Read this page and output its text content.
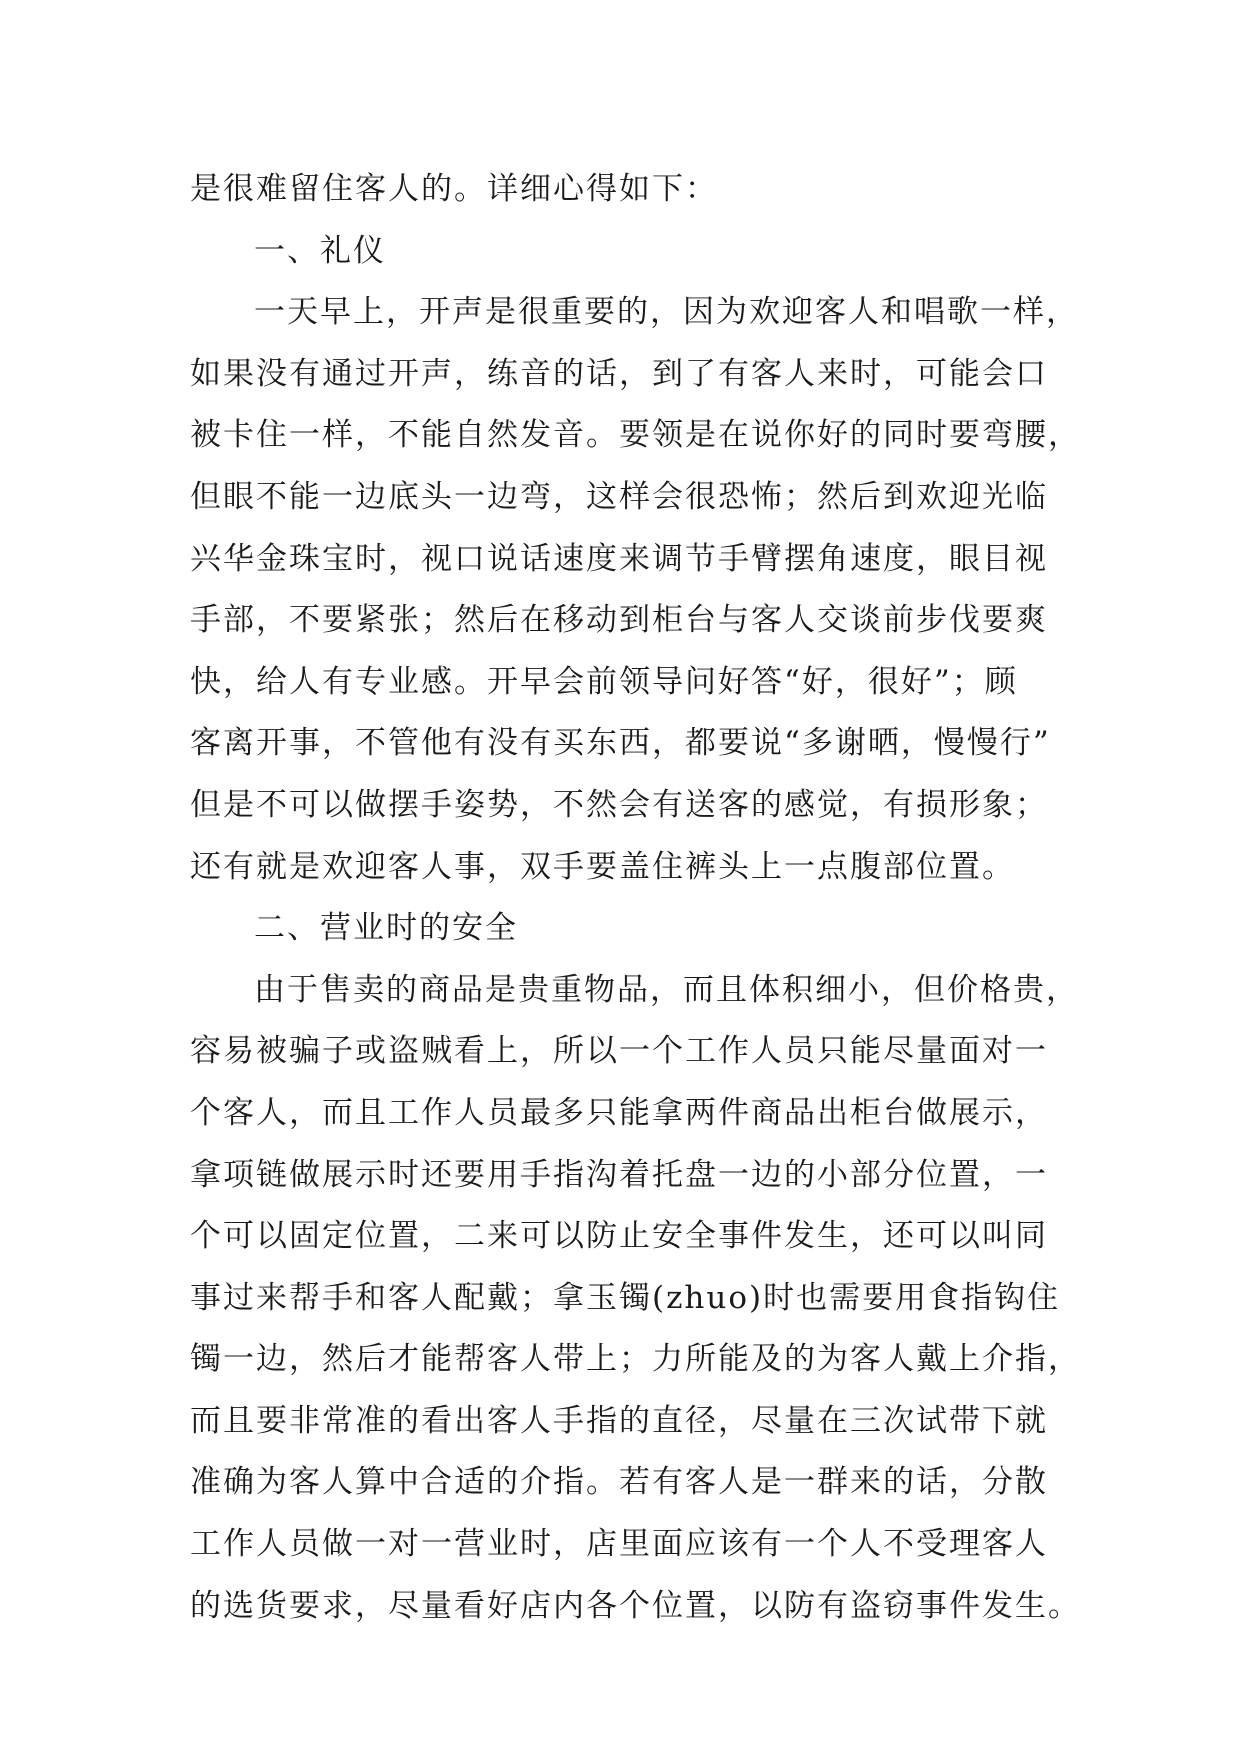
是很难留住客人的。详细心得如下：
一、礼仪
一天早上，开声是很重要的，因为欢迎客人和唱歌一样，
如果没有通过开声，练音的话，到了有客人来时，可能会口
被卡住一样，不能自然发音。要领是在说你好的同时要弯腰，
但眼不能一边底头一边弯，这样会很恐怖；然后到欢迎光临
兴华金珠宝时，视口说话速度来调节手臂摆角速度，眼目视
手部，不要紧张；然后在移动到柜台与客人交谈前步伐要爽
快，给人有专业感。开早会前领导问好答“好，很好”；顾
客离开事，不管他有没有买东西，都要说“多谢晒，慢慢行”
但是不可以做摆手姿势，不然会有送客的感觉，有损形象；
还有就是欢迎客人事，双手要盖住裤头上一点腹部位置。
二、营业时的安全
由于售卖的商品是贵重物品，而且体积细小，但价格贵，
容易被骗子或盗贼看上，所以一个工作人员只能尽量面对一
个客人，而且工作人员最多只能拿两件商品出柜台做展示，
拿项链做展示时还要用手指沟着托盘一边的小部分位置，一
个可以固定位置，二来可以防止安全事件发生，还可以叫同
事过来帮手和客人配戴；拿玉镯(zhuo)时也需要用食指钩住
镯一边，然后才能帮客人带上；力所能及的为客人戴上介指，
而且要非常准的看出客人手指的直径，尽量在三次试带下就
准确为客人算中合适的介指。若有客人是一群来的话，分散
工作人员做一对一营业时，店里面应该有一个人不受理客人
的选货要求，尽量看好店内各个位置，以防有盗窃事件发生。
